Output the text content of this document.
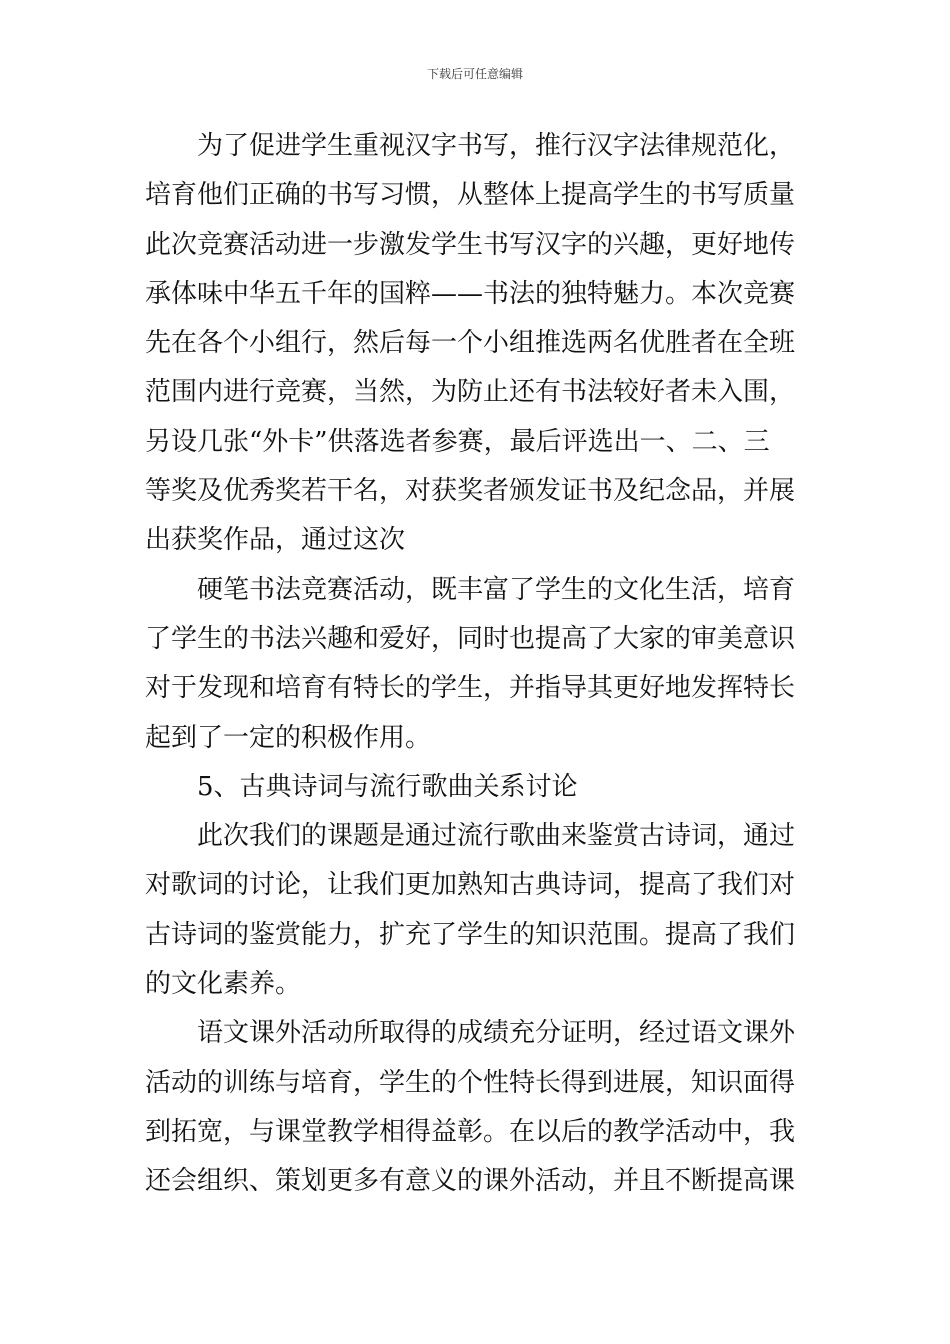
下载后可任意编辑
为了促进学生重视汉字书写，推行汉字法律规范化，
培育他们正确的书写习惯，从整体上提高学生的书写质量
此次竞赛活动进一步激发学生书写汉字的兴趣，更好地传
承体味中华五千年的国粹——书法的独特魅力。本次竞赛
先在各个小组行，然后每一个小组推选两名优胜者在全班
范围内进行竞赛，当然，为防止还有书法较好者未入围，
另设几张“外卡”供落选者参赛，最后评选出一、二、三
等奖及优秀奖若干名，对获奖者颁发证书及纪念品，并展
出获奖作品，通过这次
硬笔书法竞赛活动，既丰富了学生的文化生活，培育
了学生的书法兴趣和爱好，同时也提高了大家的审美意识
对于发现和培育有特长的学生，并指导其更好地发挥特长
起到了一定的积极作用。
5、古典诗词与流行歌曲关系讨论
此次我们的课题是通过流行歌曲来鉴赏古诗词，通过
对歌词的讨论，让我们更加熟知古典诗词，提高了我们对
古诗词的鉴赏能力，扩充了学生的知识范围。提高了我们
的文化素养。
语文课外活动所取得的成绩充分证明，经过语文课外
活动的训练与培育，学生的个性特长得到进展，知识面得
到拓宽，与课堂教学相得益彰。在以后的教学活动中，我
还会组织、策划更多有意义的课外活动，并且不断提高课
